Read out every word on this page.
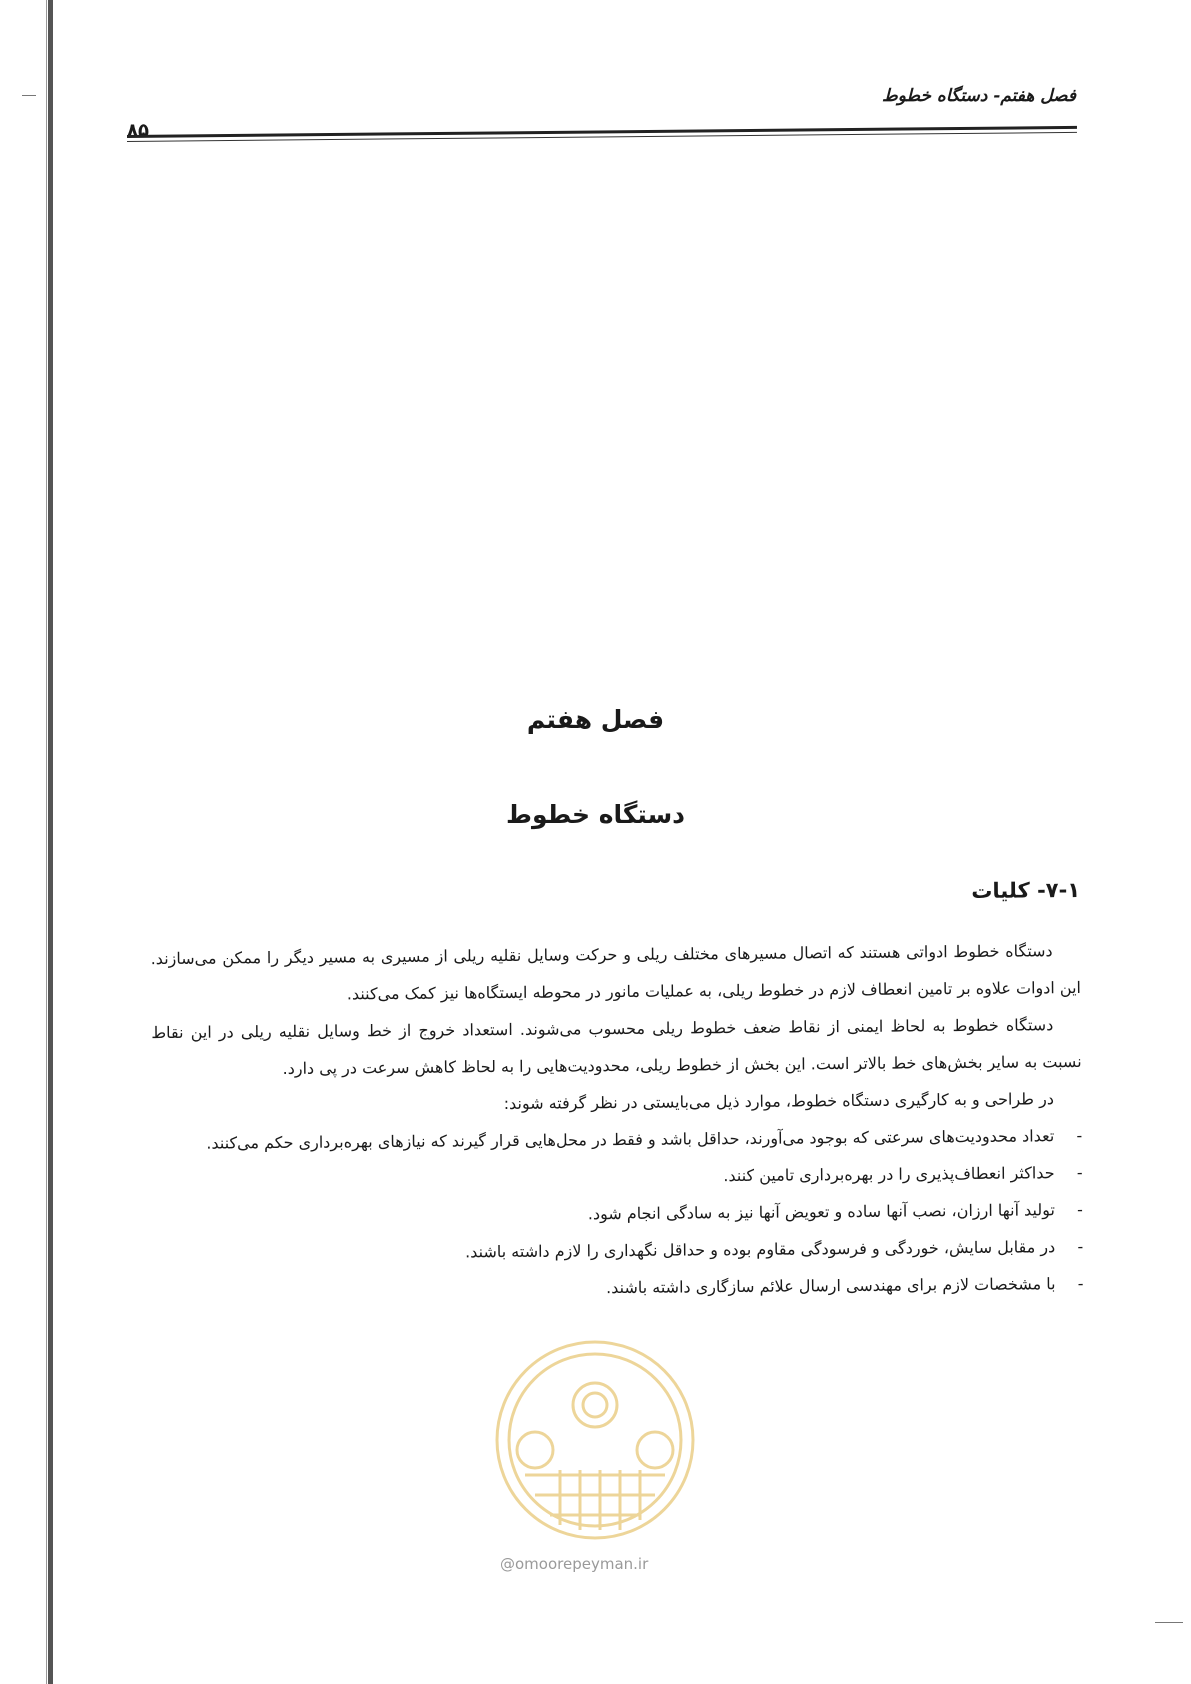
فصل هفتم- دستگاه خطوط
۸۵
فصل هفتم
دستگاه خطوط
۷-۱- کلیات

دستگاه خطوط ادواتی هستند که اتصال مسیرهای مختلف ریلی و حرکت وسایل نقلیه ریلی از مسیری به مسیر دیگر را ممکن می‌سازند. این ادوات علاوه بر تامین انعطاف لازم در خطوط ریلی، به عملیات مانور در محوطه ایستگاه‌ها نیز کمک می‌کنند.

دستگاه خطوط به لحاظ ایمنی از نقاط ضعف خطوط ریلی محسوب می‌شوند. استعداد خروج از خط وسایل نقلیه ریلی در این نقاط نسبت به سایر بخش‌های خط بالاتر است. این بخش از خطوط ریلی، محدودیت‌هایی را به لحاظ کاهش سرعت در پی دارد.

در طراحی و به کارگیری دستگاه خطوط، موارد ذیل می‌بایستی در نظر گرفته شوند:

-
تعداد محدودیت‌های سرعتی که بوجود می‌آورند، حداقل باشد و فقط در محل‌هایی قرار گیرند که نیازهای بهره‌برداری حکم می‌کنند.
-
حداکثر انعطاف‌پذیری را در بهره‌برداری تامین کنند.
-
تولید آنها ارزان، نصب آنها ساده و تعویض آنها نیز به سادگی انجام شود.
-
در مقابل سایش، خوردگی و فرسودگی مقاوم بوده و حداقل نگهداری را لازم داشته باشند.
-
با مشخصات لازم برای مهندسی ارسال علائم سازگاری داشته باشند.
@omoorepeyman.ir
